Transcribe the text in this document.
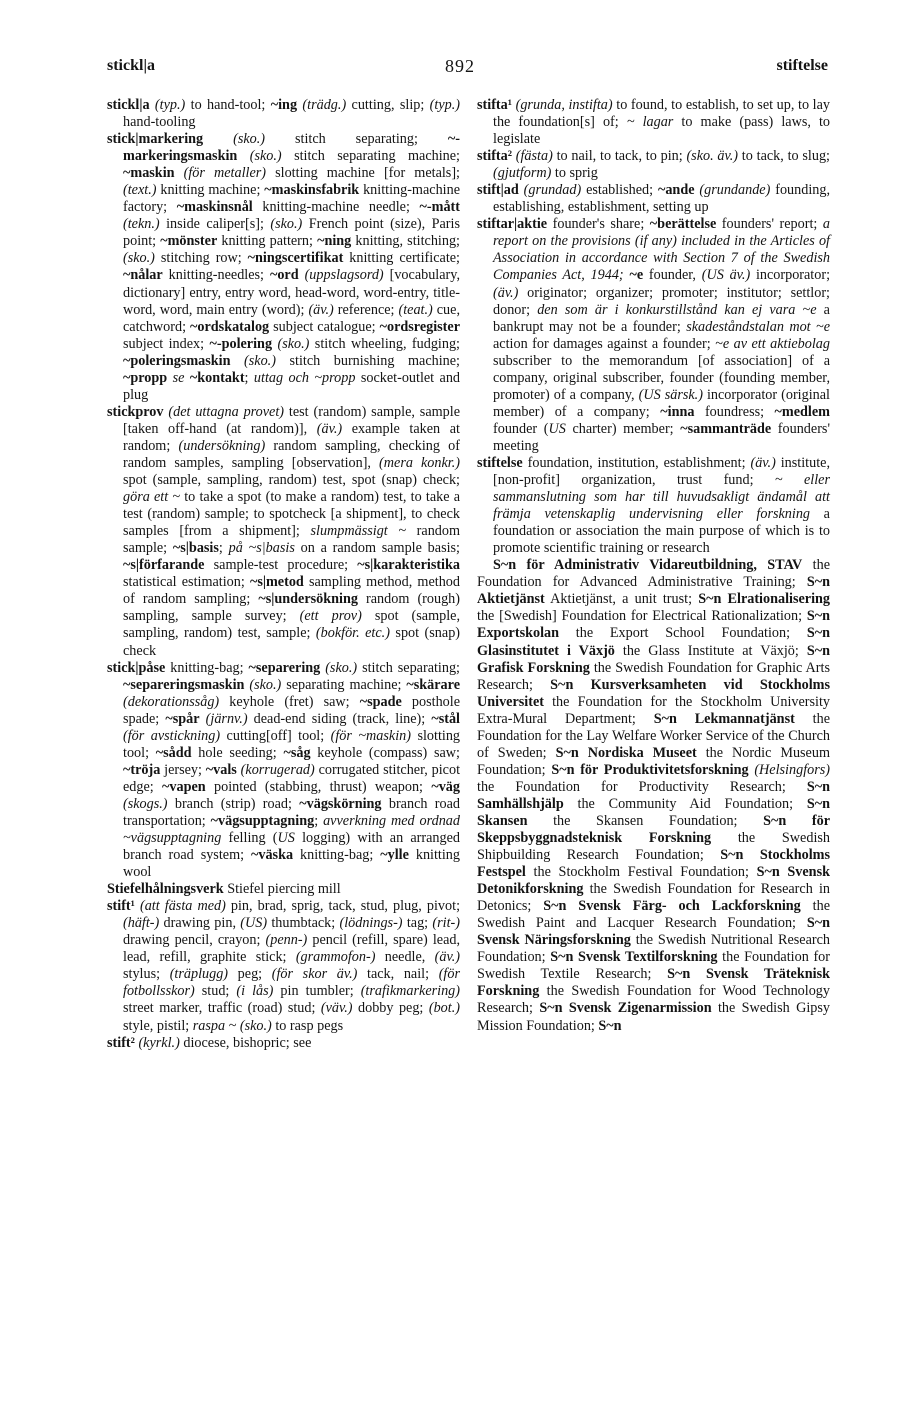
stickl|a	892	stiftelse

stickl|a (typ.) to hand-tool; ~ing (trädg.) cutting, slip; (typ.) hand-tooling

stick|markering (sko.) stitch separating; ~-markeringsmaskin (sko.) stitch separating machine; ~maskin (för metaller) slotting machine [for metals]; (text.) knitting machine; ~maskinsfabrik knitting-machine factory; ~maskinsnål knitting-machine needle; ~-mått (tekn.) inside caliper[s]; (sko.) French point (size), Paris point; ~mönster knitting pattern; ~ning knitting, stitching; (sko.) stitching row; ~ningscertifikat knitting certificate; ~nålar knitting-needles; ~ord (uppslagsord) [vocabulary, dictionary] entry, entry word, head-word, word-entry, title-word, word, main entry (word); (äv.) reference; (teat.) cue, catchword; ~ordskatalog subject catalogue; ~ordsregister subject index; ~-polering (sko.) stitch wheeling, fudging; ~poleringsmaskin (sko.) stitch burnishing machine; ~propp se ~kontakt; uttag och ~propp socket-outlet and plug

stickprov (det uttagna provet) test (random) sample, sample [taken off-hand (at random)], (äv.) example taken at random; (undersökning) random sampling, checking of random samples, sampling [observation], (mera konkr.) spot (sample, sampling, random) test, spot (snap) check; göra ett ~ to take a spot (to make a random) test, to take a test (random) sample; to spotcheck [a shipment], to check samples [from a shipment]; slumpmässigt ~ random sample; ~s|basis; på ~s|basis on a random sample basis; ~s|förfarande sample-test procedure; ~s|karakteristika statistical estimation; ~s|metod sampling method, method of random sampling; ~s|undersökning random (rough) sampling, sample survey; (ett prov) spot (sample, sampling, random) test, sample; (bokför. etc.) spot (snap) check

stick|påse knitting-bag; ~separering (sko.) stitch separating; ~separeringsmaskin (sko.) separating machine; ~skärare (dekorationssåg) keyhole (fret) saw; ~spade posthole spade; ~spår (järnv.) dead-end siding (track, line); ~stål (för avstickning) cutting[off] tool; (för ~maskin) slotting tool; ~sådd hole seeding; ~såg keyhole (compass) saw; ~tröja jersey; ~vals (korrugerad) corrugated stitcher, picot edge; ~vapen pointed (stabbing, thrust) weapon; ~väg (skogs.) branch (strip) road; ~vägskörning branch road transportation; ~vägsupptagning; avverkning med ordnad ~vägsupptagning felling (US logging) with an arranged branch road system; ~väska knitting-bag; ~ylle knitting wool

Stiefelhålningsverk Stiefel piercing mill

stift¹ (att fästa med) pin, brad, sprig, tack, stud, plug, pivot; (häft-) drawing pin, (US) thumbtack; (lödnings-) tag; (rit-) drawing pencil, crayon; (penn-) pencil (refill, spare) lead, lead, refill, graphite stick; (grammofon-) needle, (äv.) stylus; (träplugg) peg; (för skor äv.) tack, nail; (för fotbollsskor) stud; (i lås) pin tumbler; (trafikmarkering) street marker, traffic (road) stud; (väv.) dobby peg; (bot.) style, pistil; raspa ~ (sko.) to rasp pegs

stift² (kyrkl.) diocese, bishopric; see

stifta¹ (grunda, instifta) to found, to establish, to set up, to lay the foundation[s] of; ~ lagar to make (pass) laws, to legislate

stifta² (fästa) to nail, to tack, to pin; (sko. äv.) to tack, to slug; (gjutform) to sprig

stift|ad (grundad) established; ~ande (grundande) founding, establishing, establishment, setting up

stiftar|aktie founder's share; ~berättelse founders' report; a report on the provisions (if any) included in the Articles of Association in accordance with Section 7 of the Swedish Companies Act, 1944; ~e founder, (US äv.) incorporator; (äv.) originator; organizer; promoter; institutor; settlor; donor; den som är i konkurstillstånd kan ej vara ~e a bankrupt may not be a founder; skadeståndstalan mot ~e action for damages against a founder; ~e av ett aktiebolag subscriber to the memorandum [of association] of a company, original subscriber, founder (founding member, promoter) of a company, (US särsk.) incorporator (original member) of a company; ~inna foundress; ~medlem founder (US charter) member; ~sammanträde founders' meeting

stiftelse foundation, institution, establishment; (äv.) institute, [non-profit] organization, trust fund; ~ eller sammanslutning som har till huvudsakligt ändamål att främja vetenskaplig undervisning eller forskning a foundation or association the main purpose of which is to promote scientific training or research

S~n för Administrativ Vidareutbildning, STAV the Foundation for Advanced Administrative Training; S~n Aktietjänst Aktietjänst, a unit trust; S~n Elrationalisering the [Swedish] Foundation for Electrical Rationalization; S~n Exportskolan the Export School Foundation; S~n Glasinstitutet i Växjö the Glass Institute at Växjö; S~n Grafisk Forskning the Swedish Foundation for Graphic Arts Research; S~n Kursverksamheten vid Stockholms Universitet the Foundation for the Stockholm University Extra-Mural Department; S~n Lekmannatjänst the Foundation for the Lay Welfare Worker Service of the Church of Sweden; S~n Nordiska Museet the Nordic Museum Foundation; S~n för Produktivitetsforskning (Helsingfors) the Foundation for Productivity Research; S~n Samhällshjälp the Community Aid Foundation; S~n Skansen the Skansen Foundation; S~n för Skeppsbyggnadsteknisk Forskning the Swedish Shipbuilding Research Foundation; S~n Stockholms Festspel the Stockholm Festival Foundation; S~n Svensk Detonikforskning the Swedish Foundation for Research in Detonics; S~n Svensk Färg- och Lackforskning the Swedish Paint and Lacquer Research Foundation; S~n Svensk Näringsforskning the Swedish Nutritional Research Foundation; S~n Svensk Textilforskning the Foundation for Swedish Textile Research; S~n Svensk Träteknisk Forskning the Swedish Foundation for Wood Technology Research; S~n Svensk Zigenarmission the Swedish Gipsy Mission Foundation; S~n
